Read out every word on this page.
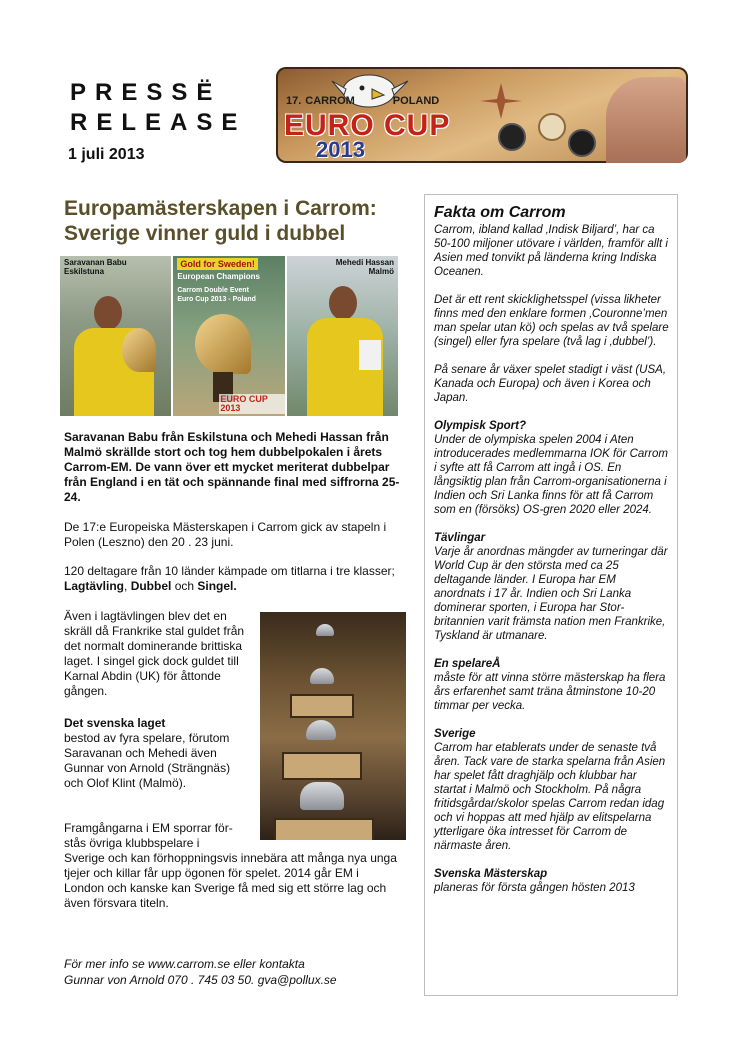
PRESSË
RELEASE
1 juli 2013
17. CARROM	POLAND
EURO CUP
2013
Europamästerskapen i Carrom: Sverige vinner guld i dubbel
Saravanan Babu Eskilstuna
Gold for Sweden!
European Champions
Carrom Double Event
Euro Cup 2013 - Poland
EURO CUP 2013
Mehedi Hassan Malmö
Saravanan Babu från Eskilstuna och Mehedi Hassan från Malmö skrällde stort och tog hem dubbelpokalen i årets Carrom-EM. De vann över ett mycket meriterat dubbelpar från England i en tät och spännande final med siffrorna 25-24.
De 17:e Europeiska Mästerskapen i Carrom gick av stapeln i Polen (Leszno) den 20 . 23 juni.
120 deltagare från 10 länder kämpade om titlarna i tre klasser; Lagtävling, Dubbel och Singel.
Även i lagtävlingen blev det en skräll då Frankrike stal guldet från det normalt dominerande brittiska laget. I singel gick dock guldet till Karnal Abdin (UK) för åttonde gången.
Det svenska laget
bestod av fyra spelare, förutom Saravanan och Mehedi även Gunnar von Arnold (Strängnäs) och Olof Klint (Malmö).
Framgångarna i EM sporrar för-stås övriga klubbspelare i
Sverige och kan förhoppningsvis innebära att många nya unga tjejer och killar får upp ögonen för spelet. 2014 går EM i London och kanske kan Sverige få med sig ett större lag och även försvara titeln.
För mer info se www.carrom.se eller kontakta
Gunnar von Arnold 070 . 745 03 50. gva@pollux.se
Fakta om Carrom

Carrom, ibland kallad ‚Indisk Biljard‛, har ca 50-100 miljoner utövare i världen, framför allt i Asien med tonvikt på länderna kring Indiska Oceanen.

Det är ett rent skicklighetsspel (vissa likheter finns med den enklare formen ‚Couronne‛men man spelar utan kö) och spelas av två spelare (singel) eller fyra spelare (två lag i ‚dubbel‛).

På senare år växer spelet stadigt i väst (USA, Kanada och Europa) och även i Korea och Japan.

Olympisk Sport?

Under de olympiska spelen 2004 i Aten introducerades medlemmarna IOK för Carrom i syfte att få Carrom att ingå i OS. En långsiktig plan från Carrom-organisationerna i Indien och Sri Lanka finns för att få Carrom som en (försöks) OS-gren 2020 eller 2024.

Tävlingar

Varje år anordnas mängder av turneringar där World Cup är den största med ca 25 deltagande länder. I Europa har EM anordnats i 17 år. Indien och Sri Lanka dominerar sporten, i Europa har Stor-britannien varit främsta nation men Frankrike, Tyskland är utmanare.

En spelareÅ

måste för att vinna större mästerskap ha flera års erfarenhet samt träna åtminstone 10-20 timmar per vecka.

Sverige

Carrom har etablerats under de senaste två åren. Tack vare de starka spelarna från Asien har spelet fått draghjälp och klubbar har startat i Malmö och Stockholm. På några fritidsgårdar/skolor spelas Carrom redan idag och vi hoppas att med hjälp av elitspelarna ytterligare öka intresset för Carrom de närmaste åren.

Svenska Mästerskap

planeras för första gången hösten 2013
